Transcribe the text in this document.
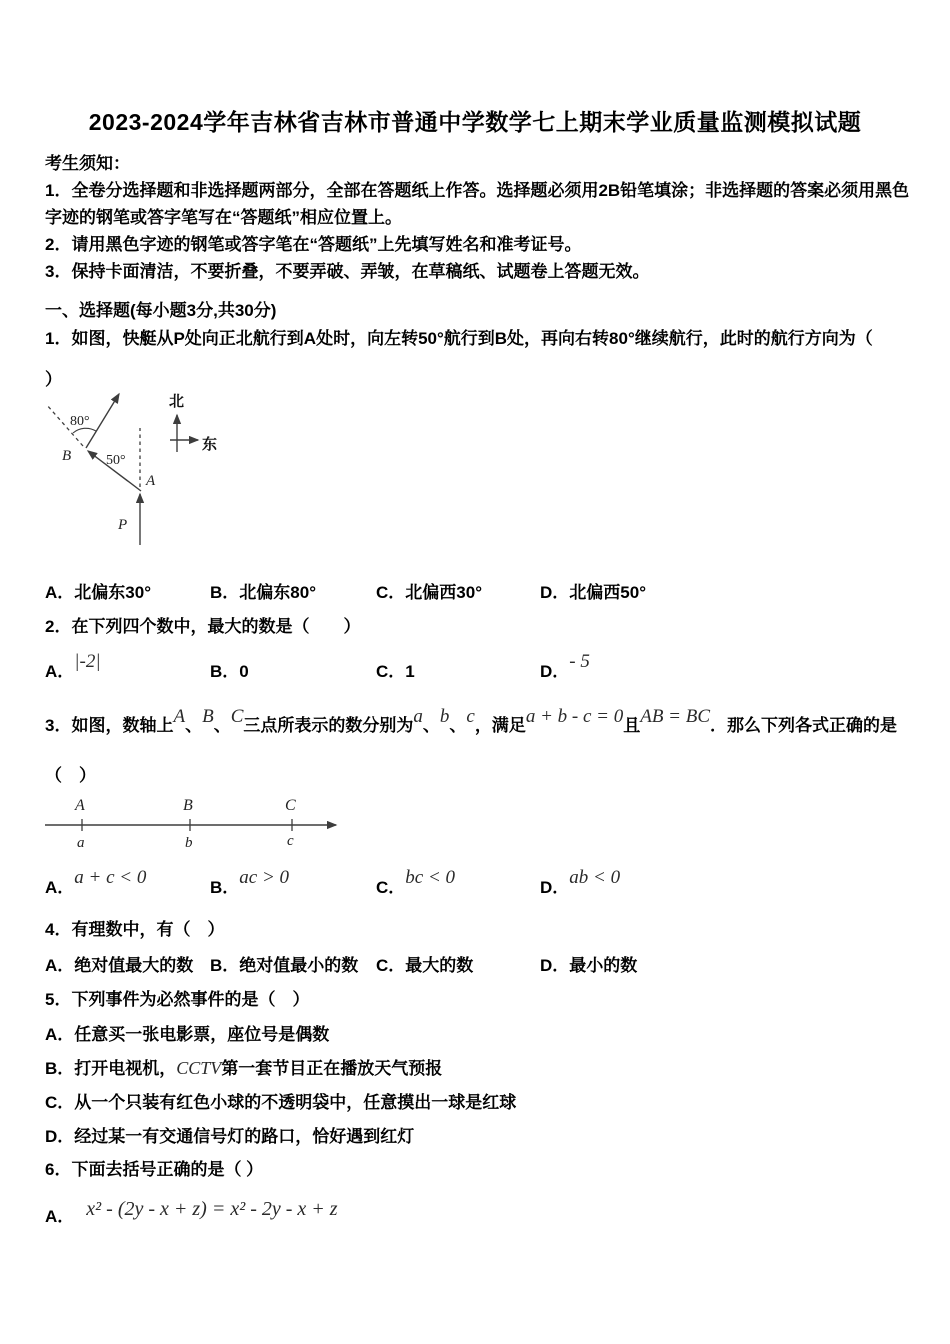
2023-2024学年吉林省吉林市普通中学数学七上期末学业质量监测模拟试题
考生须知：
1．全卷分选择题和非选择题两部分，全部在答题纸上作答。选择题必须用2B铅笔填涂；非选择题的答案必须用黑色字迹的钢笔或答字笔写在“答题纸”相应位置上。
2．请用黑色字迹的钢笔或答字笔在“答题纸”上先填写姓名和准考证号。
3．保持卡面清洁，不要折叠，不要弄破、弄皱，在草稿纸、试题卷上答题无效。
一、选择题(每小题3分,共30分)
1．如图，快艇从P处向正北航行到A处时，向左转50°航行到B处，再向右转80°继续航行，此时的航行方向为（
）
80°
50°
B
A
P
北
东
A．北偏东30°	B．北偏东80°	C．北偏西30°	D．北偏西50°
2．在下列四个数中，最大的数是（　　）
A．|-2|	B．0	C．1	D．- 5
3．如图，数轴上A、B、C三点所表示的数分别为a、b、c，满足a + b - c = 0且AB = BC．那么下列各式正确的是
（　）
A	B	C
a	b	c
A．a + c < 0	B．ac > 0	C．bc < 0	D．ab < 0
4．有理数中，有（　）
A．绝对值最大的数 B．绝对值最小的数	C．最大的数	D．最小的数
5．下列事件为必然事件的是（　）
A．任意买一张电影票，座位号是偶数
B．打开电视机，CCTV第一套节目正在播放天气预报
C．从一个只装有红色小球的不透明袋中，任意摸出一球是红球
D．经过某一有交通信号灯的路口，恰好遇到红灯
6．下面去括号正确的是（ ）
A． x² - (2y - x + z) = x² - 2y - x + z
